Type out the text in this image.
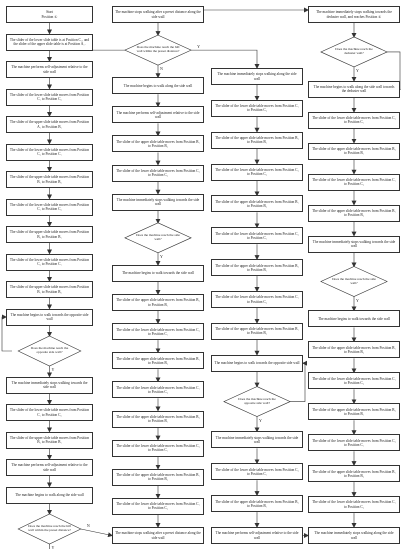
Start
Position ①
The slider of the lower slide table is at Position C₁, and the slider of the upper slide table is at Position A₁.
The machine performs self-adjustment relative to the side wall
The slider of the lower slide table moves from Position C₁ to Position C₂
The slider of the upper slide table moves from Position A₁ to Position B₁
The slider of the lower slide table moves from Position C₂ to Position C₁
The slider of the upper slide table moves from Position B₁ to Position B₃
The slider of the lower slide table moves from Position C₁ to Position C₃
The slider of the upper slide table moves from Position B₃ to Position B₁
The slider of the lower slide table moves from Position C₃ to Position C₁
The slider of the upper slide table moves from Position B₁ to Position B₂
The machine begins to walk towards the opposite side wall
Does the machine reach the opposite side wall?
The machine immediately stops walking towards the side wall
The slider of the lower slide table moves from Position C₁ to Position C₂
The slider of the upper slide table moves from Position B₂ to Position B₁
The machine performs self-adjustment relative to the side wall
The machine begins to walk along the side wall
Does the machine reach the hill wall within the preset distance?
The machine stops walking after a preset distance along the side wall
Does the machine reach the hill wall within the preset distance?
The machine begins to walk along the side wall
The machine performs self-adjustment relative to the side wall
The slider of the upper slide table moves from Position B₁ to Position B₃
The slider of the lower slide table moves from Position C₂ to Position C₃
The machine immediately stops walking towards the side wall
Does the machine reach the side wall?
The machine begins to walk towards the side wall
The slider of the upper slide table moves from Position B₃ to Position B₁
The slider of the lower slide table moves from Position C₃ to Position C₁
The slider of the upper slide table moves from Position B₁ to Position B₂
The slider of the lower slide table moves from Position C₁ to Position C₂
The slider of the upper slide table moves from Position B₂ to Position B₁
The slider of the lower slide table moves from Position C₂ to Position C₁
The slider of the upper slide table moves from Position B₁ to Position B₃
The slider of the lower slide table moves from Position C₁ to Position C₃
The machine stops walking after a preset distance along the side wall
The machine immediately stops walking along the side wall
The slider of the lower slide table moves from Position C₁ to Position C₂
The slider of the upper slide table moves from Position B₂ to Position B₁
The slider of the lower slide table moves from Position C₂ to Position C₃
The slider of the upper slide table moves from Position B₁ to Position B₃
The slider of the lower slide table moves from Position C₃ to Position C₁
The slider of the upper slide table moves from Position B₃ to Position B₁
The slider of the lower slide table moves from Position C₁ to Position C₃
The slider of the upper slide table moves from Position B₁ to Position B₃
The machine begins to walk towards the opposite side wall
Does the machine reach the opposite side wall?
The machine immediately stops walking towards the side wall
The slider of the lower slide table moves from Position C₃ to Position C₁
The slider of the upper slide table moves from Position B₃ to Position B₁
The machine performs self-adjustment relative to the side wall
The machine immediately stops walking towards the deduster wall, and reaches Position ①
Does the machine reach the deduster wall?
The machine begins to walk along the side wall towards the deduster wall
The slider of the lower slide table moves from Position C₂ to Position C₁
The slider of the upper slide table moves from Position B₂ to Position B₁
The slider of the lower slide table moves from Position C₁ to Position C₂
The slider of the upper slide table moves from Position B₁ to Position B₂
The machine immediately stops walking towards the side wall
Does the machine reach the side wall?
The machine begins to walk towards the side wall
The slider of the upper slide table moves from Position B₁ to Position B₂
The slider of the lower slide table moves from Position C₁ to Position C₂
The slider of the upper slide table moves from Position B₂ to Position B₁
The slider of the lower slide table moves from Position C₂ to Position C₁
The slider of the upper slide table moves from Position B₁ to Position B₂
The slider of the lower slide table moves from Position C₁ to Position C₂
The machine immediately stops walking along the side wall
Y
N
Y
N
Y
Y
Y
Y
Y
